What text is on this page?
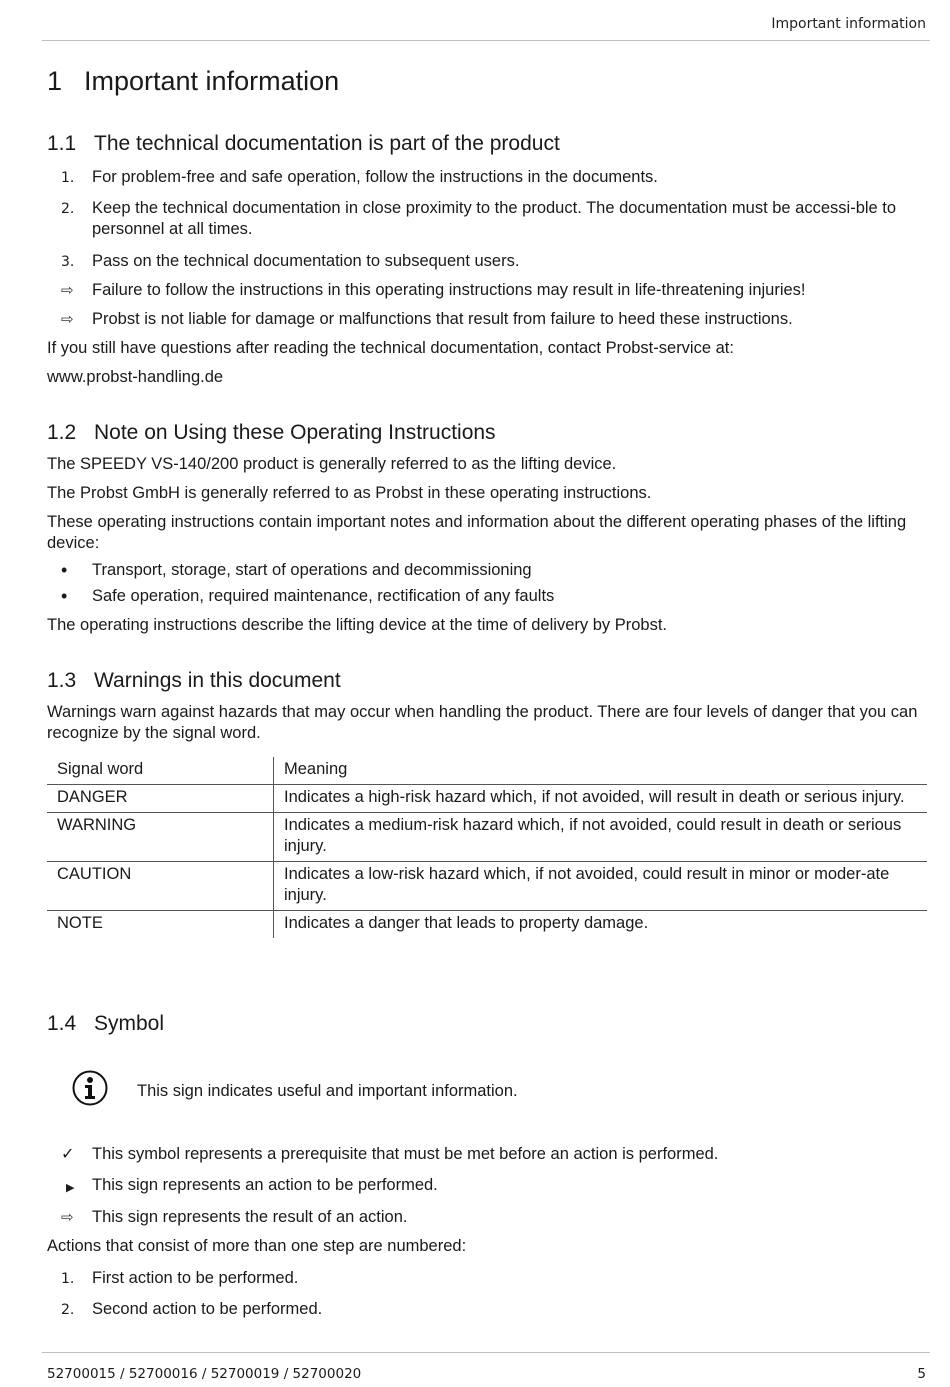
Important information
1 Important information
1.1 The technical documentation is part of the product
1.	For problem-free and safe operation, follow the instructions in the documents.
2.	Keep the technical documentation in close proximity to the product. The documentation must be accessi-ble to personnel at all times.
3.	Pass on the technical documentation to subsequent users.
⇨	Failure to follow the instructions in this operating instructions may result in life-threatening injuries!
⇨	Probst is not liable for damage or malfunctions that result from failure to heed these instructions.
If you still have questions after reading the technical documentation, contact Probst-service at:
www.probst-handling.de
1.2 Note on Using these Operating Instructions
The SPEEDY VS-140/200 product is generally referred to as the lifting device.
The Probst GmbH is generally referred to as Probst in these operating instructions.
These operating instructions contain important notes and information about the different operating phases of the lifting device:
•	Transport, storage, start of operations and decommissioning
•	Safe operation, required maintenance, rectification of any faults
The operating instructions describe the lifting device at the time of delivery by Probst.
1.3 Warnings in this document
Warnings warn against hazards that may occur when handling the product. There are four levels of danger that you can recognize by the signal word.
Signal word	Meaning
DANGER	Indicates a high-risk hazard which, if not avoided, will result in death or serious injury.
WARNING	Indicates a medium-risk hazard which, if not avoided, could result in death or serious injury.
CAUTION	Indicates a low-risk hazard which, if not avoided, could result in minor or moder-ate injury.
NOTE	Indicates a danger that leads to property damage.
1.4 Symbol
This sign indicates useful and important information.
✓	This symbol represents a prerequisite that must be met before an action is performed.
▶	This sign represents an action to be performed.
⇨	This sign represents the result of an action.
Actions that consist of more than one step are numbered:
1.	First action to be performed.
2.	Second action to be performed.
52700015 / 52700016 / 52700019 / 52700020	5
